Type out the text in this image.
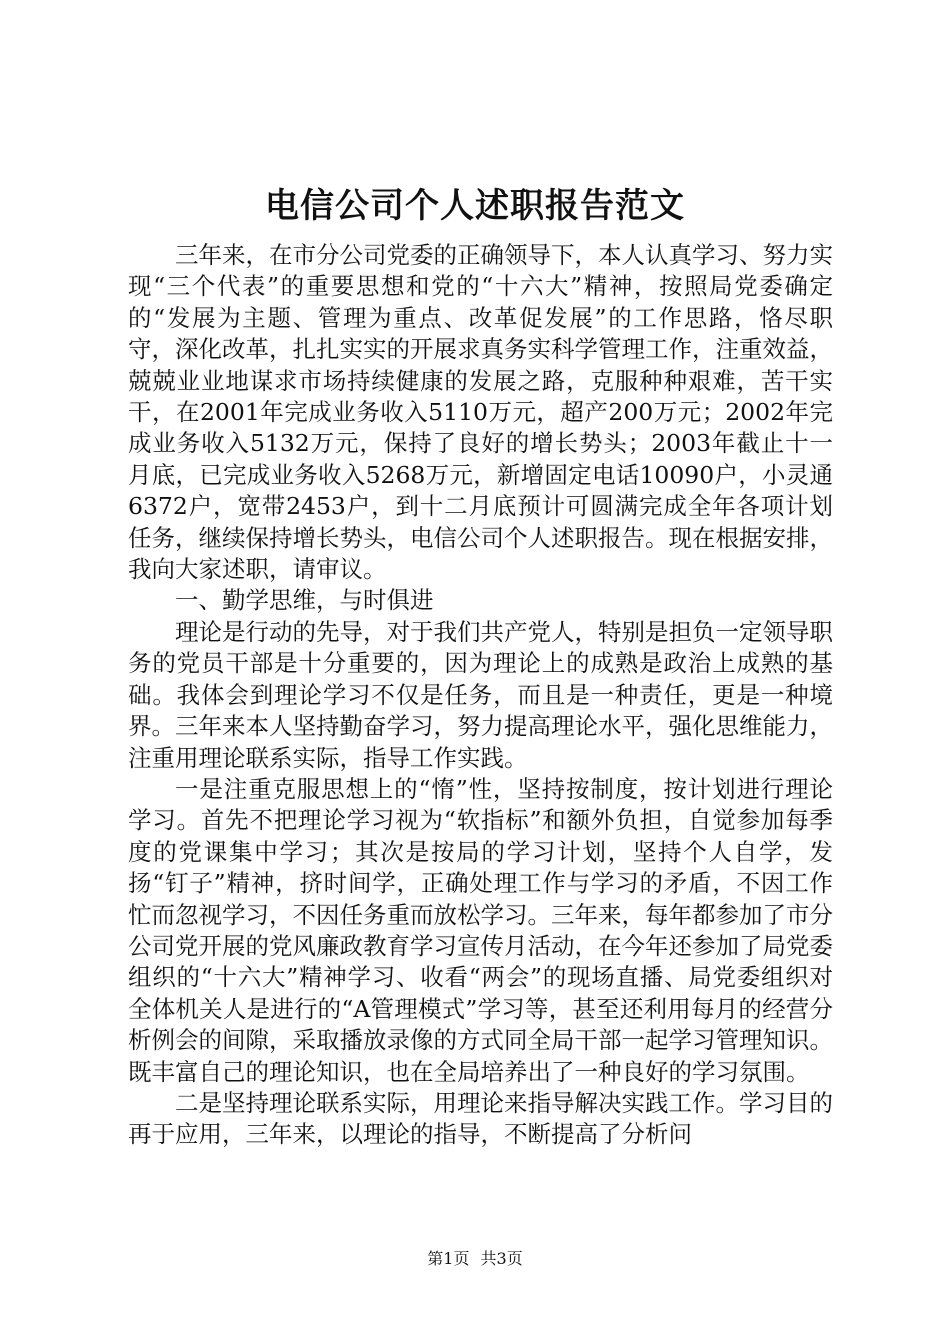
电信公司个人述职报告范文

三年来，在市分公司党委的正确领导下，本人认真学习、努力实现“三个代表”的重要思想和党的“十六大”精神，按照局党委确定的“发展为主题、管理为重点、改革促发展”的工作思路，恪尽职守，深化改革，扎扎实实的开展求真务实科学管理工作，注重效益，兢兢业业地谋求市场持续健康的发展之路，克服种种艰难，苦干实干，在2001年完成业务收入5110万元，超产200万元；2002年完成业务收入5132万元，保持了良好的增长势头；2003年截止十一月底，已完成业务收入5268万元，新增固定电话10090户，小灵通6372户，宽带2453户，到十二月底预计可圆满完成全年各项计划任务，继续保持增长势头，电信公司个人述职报告。现在根据安排，我向大家述职，请审议。

一、勤学思维，与时俱进

理论是行动的先导，对于我们共产党人，特别是担负一定领导职务的党员干部是十分重要的，因为理论上的成熟是政治上成熟的基础。我体会到理论学习不仅是任务，而且是一种责任，更是一种境界。三年来本人坚持勤奋学习，努力提高理论水平，强化思维能力，注重用理论联系实际，指导工作实践。

一是注重克服思想上的“惰”性，坚持按制度，按计划进行理论学习。首先不把理论学习视为“软指标”和额外负担，自觉参加每季度的党课集中学习；其次是按局的学习计划，坚持个人自学，发扬“钉子”精神，挤时间学，正确处理工作与学习的矛盾，不因工作忙而忽视学习，不因任务重而放松学习。三年来，每年都参加了市分公司党开展的党风廉政教育学习宣传月活动，在今年还参加了局党委组织的“十六大”精神学习、收看“两会”的现场直播、局党委组织对全体机关人是进行的“A管理模式”学习等，甚至还利用每月的经营分析例会的间隙，采取播放录像的方式同全局干部一起学习管理知识。既丰富自己的理论知识，也在全局培养出了一种良好的学习氛围。

二是坚持理论联系实际，用理论来指导解决实践工作。学习目的再于应用，三年来，以理论的指导，不断提高了分析问

第1页 共3页
